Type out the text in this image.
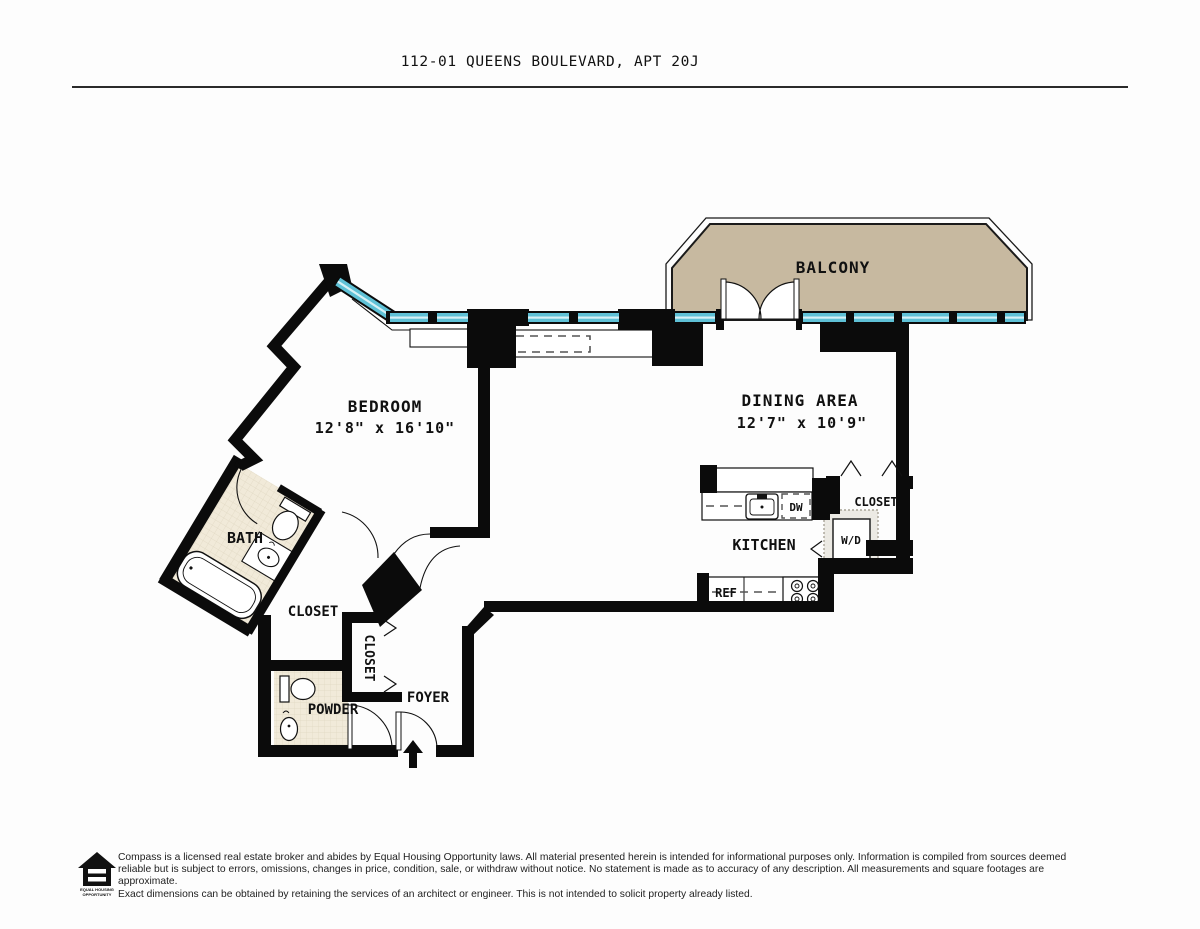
112-01 QUEENS BOULEVARD, APT 20J
BALCONY
BEDROOM
12'8" x 16'10"
DINING AREA
12'7" x 10'9"
KITCHEN
BATH
CLOSET
CLOSET
POWDER
FOYER
CLOSET
W/D
DW
REF
EQUAL HOUSING
OPPORTUNITY
Compass is a licensed real estate broker and abides by Equal Housing Opportunity laws. All material presented herein is intended for informational purposes only. Information is compiled from sources deemed
reliable but is subject to errors, omissions, changes in price, condition, sale, or withdraw without notice. No statement is made as to accuracy of any description. All measurements and square footages are approximate.
Exact dimensions can be obtained by retaining the services of an architect or engineer. This is not intended to solicit property already listed.
